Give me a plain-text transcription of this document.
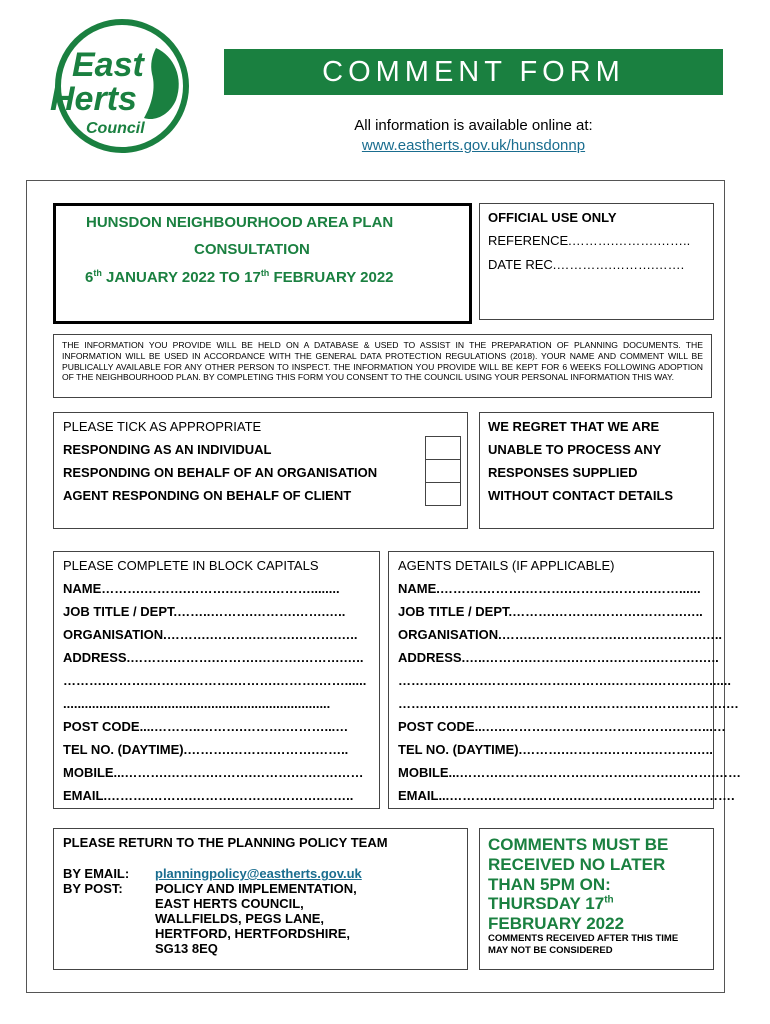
East
Herts
Council
COMMENT FORM
All information is available online at:
www.eastherts.gov.uk/hunsdonnp
HUNSDON NEIGHBOURHOOD AREA PLAN
CONSULTATION
6th JANUARY 2022 TO 17th FEBRUARY 2022
OFFICIAL USE ONLY
REFERENCE.……….……….……..
DATE REC.………….……….…….
THE INFORMATION YOU PROVIDE WILL BE HELD ON A DATABASE & USED TO ASSIST IN THE PREPARATION OF PLANNING DOCUMENTS. THE INFORMATION WILL BE USED IN ACCORDANCE WITH THE GENERAL DATA PROTECTION REGULATIONS (2018). YOUR NAME AND COMMENT WILL BE PUBLICALLY AVAILABLE FOR ANY OTHER PERSON TO INSPECT. THE INFORMATION YOU PROVIDE WILL BE KEPT FOR 6 WEEKS FOLLOWING ADOPTION OF THE NEIGHBOURHOOD PLAN. BY COMPLETING THIS FORM YOU CONSENT TO THE COUNCIL USING YOUR PERSONAL INFORMATION THIS WAY.
PLEASE TICK AS APPROPRIATE
RESPONDING AS AN INDIVIDUAL
RESPONDING ON BEHALF OF AN ORGANISATION
AGENT RESPONDING ON BEHALF OF CLIENT
WE REGRET THAT WE ARE
UNABLE TO PROCESS ANY
RESPONSES SUPPLIED
WITHOUT CONTACT DETAILS
PLEASE COMPLETE IN BLOCK CAPITALS
NAME……….……….……….……….………........
JOB TITLE / DEPT.……..……….……….…….…..
ORGANISATION.……….……….……….……….…..
ADDRESS.……….……….……….……….……….…..
……….……….……….……….……….……….……......
..........................................................................
POST CODE....………..……….……….………...…
TEL NO. (DAYTIME).……….……….……….……..
MOBILE...……….……….……….……….……….……
EMAIL.……….……….……….……….……….……..
AGENTS DETAILS (IF APPLICABLE)
NAME.……….……….……….……….……….……......
JOB TITLE / DEPT.……….……….……….……….…..
ORGANISATION.…….……….……….……….……….…..
ADDRESS.…..……….……….……….……….……….…..
……….……….……….……….……….……….……….…......
…….……….……….……….……….……….……….……….…
POST CODE...…..……….……….……….……….……...…
TEL NO. (DAYTIME).……….……….……….……….…..
MOBILE...……….……….……….……….……….……….……
EMAIL...……….……….……….……….……….……….…….
PLEASE RETURN TO THE PLANNING POLICY TEAM
BY EMAIL: planningpolicy@eastherts.gov.uk
BY POST: POLICY AND IMPLEMENTATION,
EAST HERTS COUNCIL,
WALLFIELDS, PEGS LANE,
HERTFORD, HERTFORDSHIRE,
SG13 8EQ
COMMENTS MUST BE
RECEIVED NO LATER
THAN 5PM ON:
THURSDAY 17th
FEBRUARY 2022
COMMENTS RECEIVED AFTER THIS TIME
MAY NOT BE CONSIDERED
